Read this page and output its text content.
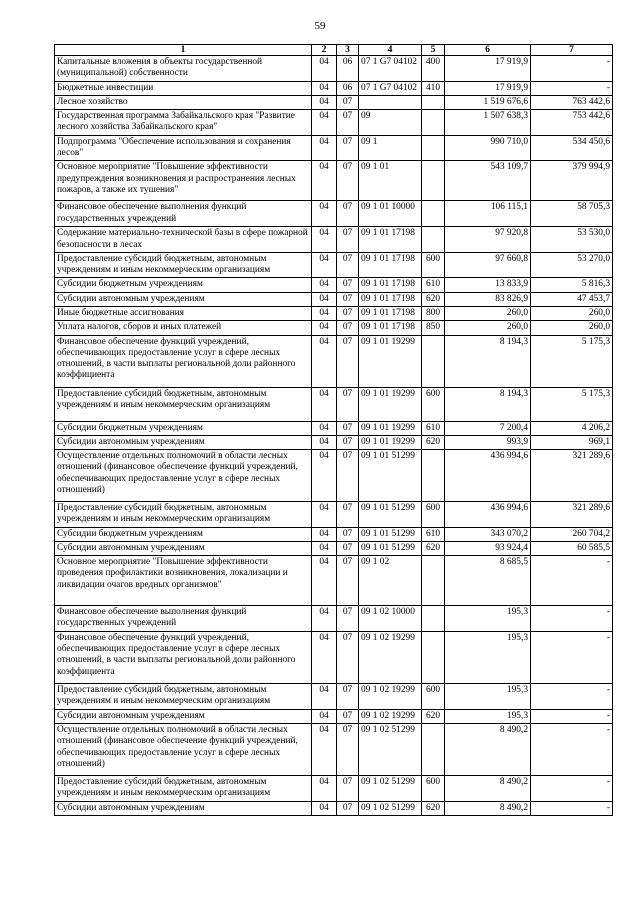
59
1	2	3	4	5	6	7
Капитальные вложения в объекты государственной (муниципальной) собственности	04	06	07 1 G7 04102	400	17 919,9	-
Бюджетные инвестиции	04	06	07 1 G7 04102	410	17 919,9	-
Лесное хозяйство	04	07			1 519 676,6	763 442,6
Государственная программа Забайкальского края "Развитие лесного хозяйства Забайкальского края"	04	07	09		1 507 638,3	753 442,6
Подпрограмма "Обеспечение использования и сохранения лесов"	04	07	09 1		990 710,0	534 450,6
Основное мероприятие "Повышение эффективности предупреждения возникновения и распространения лесных пожаров, а также их тушения"	04	07	09 1 01		543 109,7	379 994,9
Финансовое обеспечение выполнения функций государственных учреждений	04	07	09 1 01 10000		106 115,1	58 705,3
Содержание материально-технической базы в сфере пожарной безопасности в лесах	04	07	09 1 01 17198		97 920,8	53 530,0
Предоставление субсидий бюджетным, автономным учреждениям и иным некоммерческим организациям	04	07	09 1 01 17198	600	97 660,8	53 270,0
Субсидии бюджетным учреждениям	04	07	09 1 01 17198	610	13 833,9	5 816,3
Субсидии автономным учреждениям	04	07	09 1 01 17198	620	83 826,9	47 453,7
Иные бюджетные ассигнования	04	07	09 1 01 17198	800	260,0	260,0
Уплата налогов, сборов и иных платежей	04	07	09 1 01 17198	850	260,0	260,0
Финансовое обеспечение функций учреждений, обеспечивающих предоставление услуг в сфере лесных отношений, в части выплаты региональной доли районного коэффициента	04	07	09 1 01 19299		8 194,3	5 175,3
Предоставление субсидий бюджетным, автономным учреждениям и иным некоммерческим организациям	04	07	09 1 01 19299	600	8 194,3	5 175,3
Субсидии бюджетным учреждениям	04	07	09 1 01 19299	610	7 200,4	4 206,2
Субсидии автономным учреждениям	04	07	09 1 01 19299	620	993,9	969,1
Осуществление отдельных полномочий в области лесных отношений (финансовое обеспечение функций учреждений, обеспечивающих предоставление услуг в сфере лесных отношений)	04	07	09 1 01 51299		436 994,6	321 289,6
Предоставление субсидий бюджетным, автономным учреждениям и иным некоммерческим организациям	04	07	09 1 01 51299	600	436 994,6	321 289,6
Субсидии бюджетным учреждениям	04	07	09 1 01 51299	610	343 070,2	260 704,2
Субсидии автономным учреждениям	04	07	09 1 01 51299	620	93 924,4	60 585,5
Основное мероприятие "Повышение эффективности проведения профилактики возникновения, локализации и ликвидации очагов вредных организмов"	04	07	09 1 02		8 685,5	-
Финансовое обеспечение выполнения функций государственных учреждений	04	07	09 1 02 10000		195,3	-
Финансовое обеспечение функций учреждений, обеспечивающих предоставление услуг в сфере лесных отношений, в части выплаты региональной доли районного коэффициента	04	07	09 1 02 19299		195,3	-
Предоставление субсидий бюджетным, автономным учреждениям и иным некоммерческим организациям	04	07	09 1 02 19299	600	195,3	-
Субсидии автономным учреждениям	04	07	09 1 02 19299	620	195,3	-
Осуществление отдельных полномочий в области лесных отношений (финансовое обеспечение функций учреждений, обеспечивающих предоставление услуг в сфере лесных отношений)	04	07	09 1 02 51299		8 490,2	-
Предоставление субсидий бюджетным, автономным учреждениям и иным некоммерческим организациям	04	07	09 1 02 51299	600	8 490,2	-
Субсидии автономным учреждениям	04	07	09 1 02 51299	620	8 490,2	-
